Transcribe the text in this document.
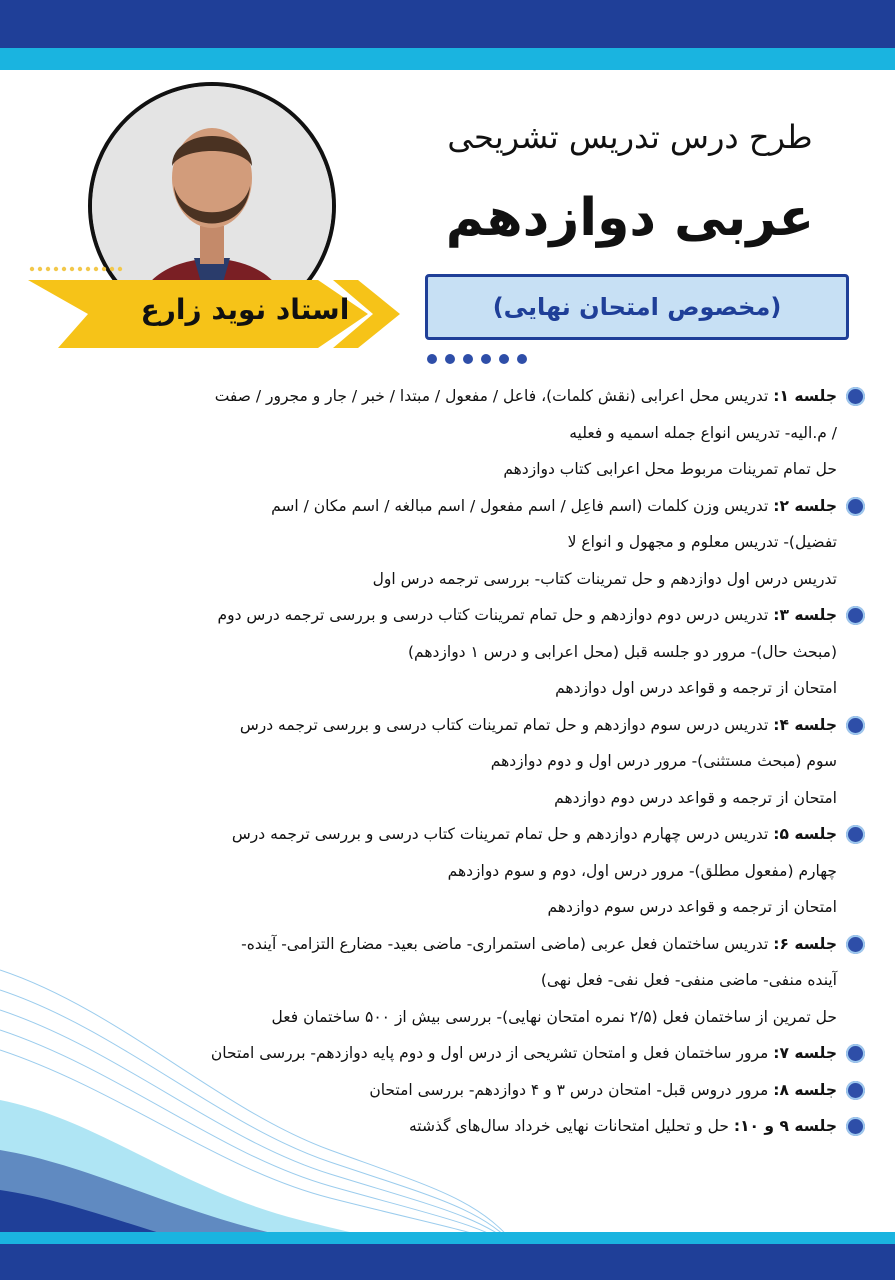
استاد نوید زارع
طرح درس تدریس تشریحی
عربی دوازدهم
(مخصوص امتحان نهایی)
جلسه ۱: تدریس محل اعرابی (نقش کلمات)، فاعل / مفعول / مبتدا / خبر / جار و مجرور / صفت
/ م.الیه- تدریس انواع جمله اسمیه و فعلیه
حل تمام تمرینات مربوط محل اعرابی کتاب دوازدهم
جلسه ۲: تدریس وزن کلمات (اسم فاعِل / اسم مفعول / اسم مبالغه / اسم مکان / اسم
تفضیل)- تدریس معلوم و مجهول و انواع لا
تدریس درس اول دوازدهم و حل تمرینات کتاب- بررسی ترجمه درس اول
جلسه ۳: تدریس درس دوم دوازدهم و حل تمام تمرینات کتاب درسی و بررسی ترجمه درس دوم
(مبحث حال)- مرور دو جلسه قبل (محل اعرابی و درس ۱ دوازدهم)
امتحان از ترجمه و قواعد درس اول دوازدهم
جلسه ۴: تدریس درس سوم دوازدهم و حل تمام تمرینات کتاب درسی و بررسی ترجمه درس
سوم (مبحث مستثنی)- مرور درس اول و دوم دوازدهم
امتحان از ترجمه و قواعد درس دوم دوازدهم
جلسه ۵: تدریس درس چهارم دوازدهم و حل تمام تمرینات کتاب درسی و بررسی ترجمه درس
چهارم (مفعول مطلق)- مرور درس اول، دوم و سوم دوازدهم
امتحان از ترجمه و قواعد درس سوم دوازدهم
جلسه ۶: تدریس ساختمان فعل عربی (ماضی استمراری- ماضی بعید- مضارع التزامی- آینده-
آینده منفی- ماضی منفی- فعل نفی- فعل نهی)
حل تمرین از ساختمان فعل (۲/۵ نمره امتحان نهایی)- بررسی بیش از ۵۰۰ ساختمان فعل
جلسه ۷: مرور ساختمان فعل و امتحان تشریحی از درس اول و دوم پایه دوازدهم- بررسی امتحان
جلسه ۸: مرور دروس قبل- امتحان درس ۳ و ۴ دوازدهم- بررسی امتحان
جلسه ۹ و ۱۰: حل و تحلیل امتحانات نهایی خرداد سال‌های گذشته
